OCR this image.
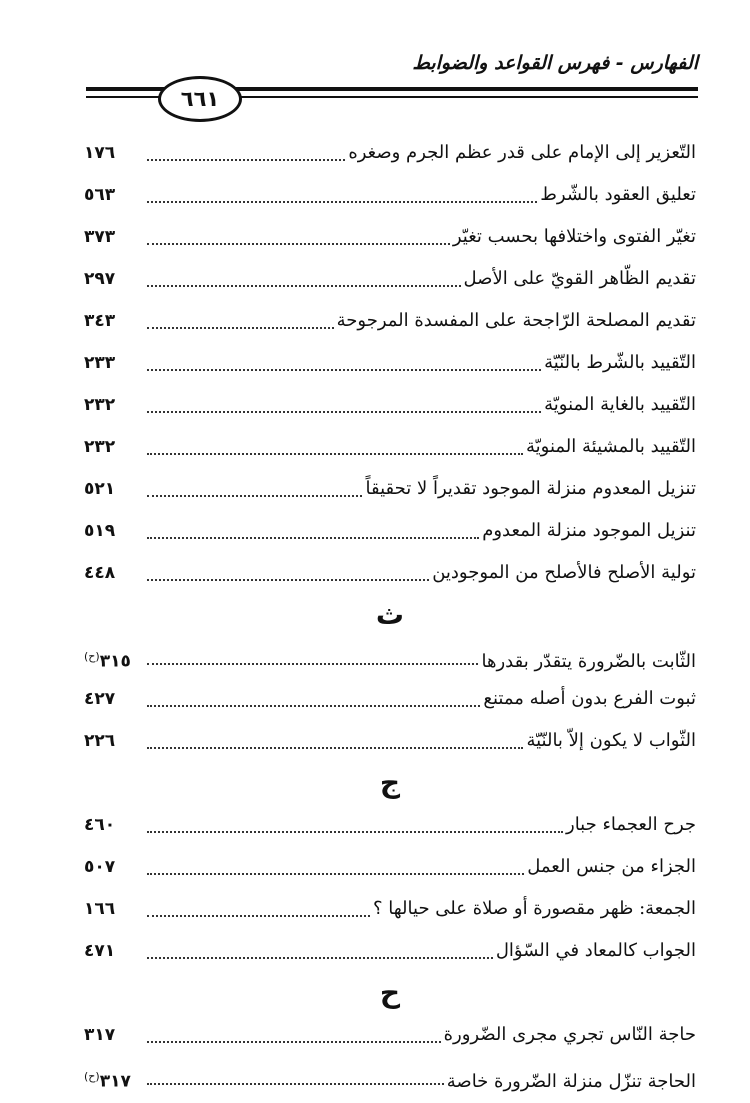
الفهارس - فهرس القواعد والضوابط
٦٦١
التّعزير إلى الإمام على قدر عظم الجرم وصغره
١٧٦
تعليق العقود بالشّرط
٥٦٣
تغيّر الفتوى واختلافها بحسب تغيّر
٣٧٣
تقديم الظّاهر القويّ على الأصل
٢٩٧
تقديم المصلحة الرّاجحة على المفسدة المرجوحة
٣٤٣
التّقييد بالشّرط بالنّيّة
٢٣٣
التّقييد بالغاية المنويّة
٢٣٢
التّقييد بالمشيئة المنويّة
٢٣٢
تنزيل المعدوم منزلة الموجود تقديراً لا تحقيقاً
٥٢١
تنزيل الموجود منزلة المعدوم
٥١٩
تولية الأصلح فالأصلح من الموجودين
٤٤٨
ث
الثّابت بالضّرورة يتقدّر بقدرها
$٣١٥^{(ح)}$
ثبوت الفرع بدون أصله ممتنع
٤٢٧
الثّواب لا يكون إلاّ بالنّيّة
٢٢٦
ج
جرح العجماء جبار
٤٦٠
الجزاء من جنس العمل
٥٠٧
الجمعة: ظهر مقصورة أو صلاة على حيالها ؟
١٦٦
الجواب كالمعاد في السّؤال
٤٧١
ح
حاجة النّاس تجري مجرى الضّرورة
٣١٧
الحاجة تنزّل منزلة الضّرورة خاصة
$٣١٧^{(ح)}$
